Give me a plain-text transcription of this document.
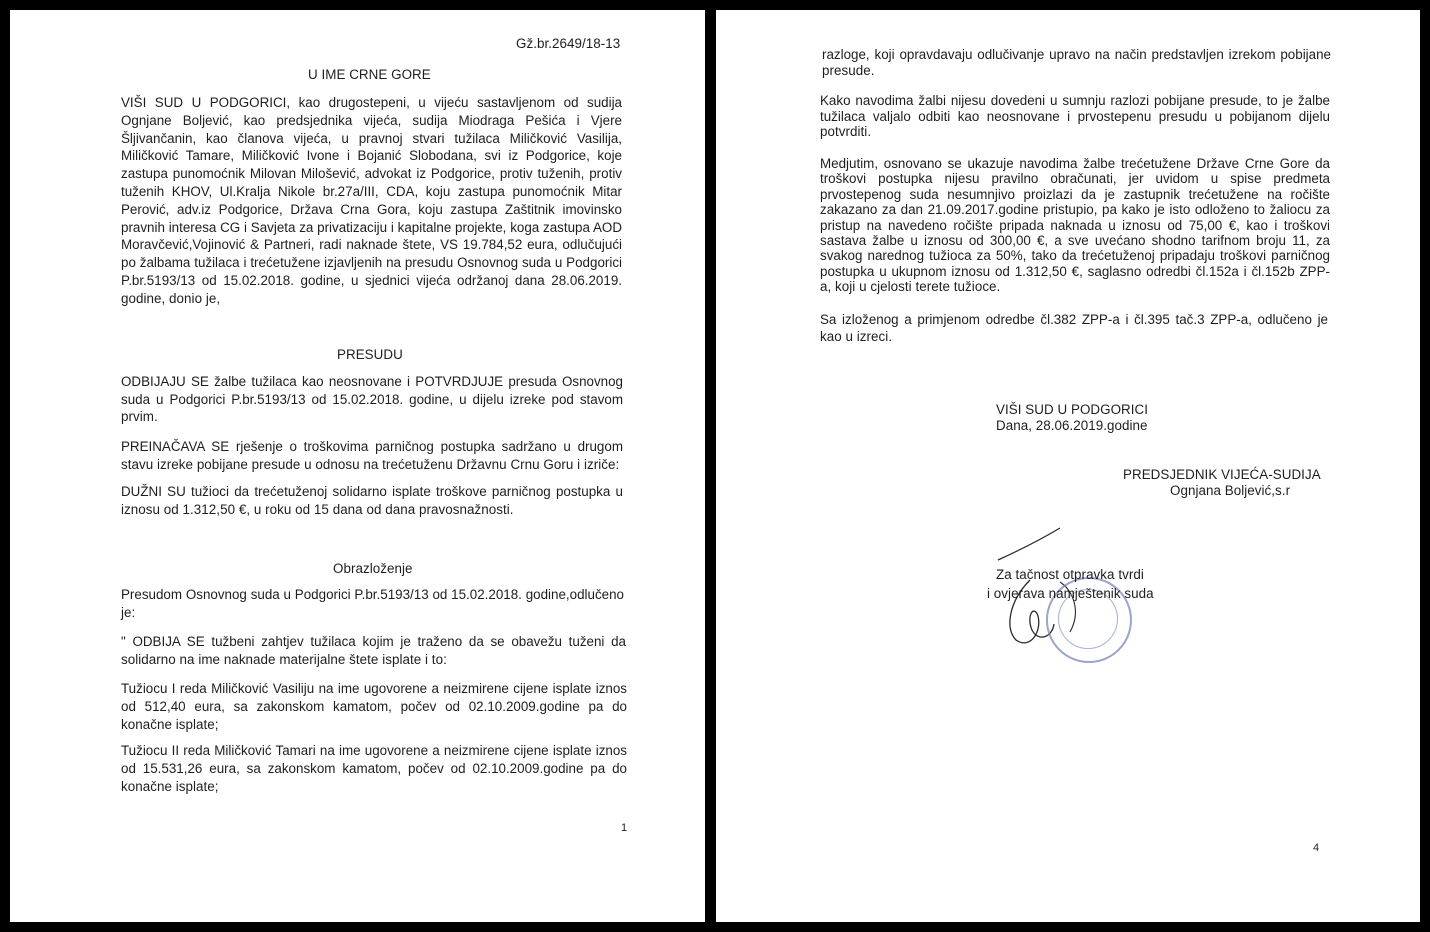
Gž.br.2649/18-13
U IME CRNE GORE
VIŠI SUD U PODGORICI, kao drugostepeni, u vijeću sastavljenom od sudija
Ognjane Boljević, kao predsjednika vijeća, sudija Miodraga Pešića i Vjere
Šljivančanin, kao članova vijeća, u pravnoj stvari tužilaca Miličković Vasilija,
Miličković Tamare, Miličković Ivone i Bojanić Slobodana, svi iz Podgorice, koje
zastupa punomoćnik Milovan Milošević, advokat iz Podgorice, protiv tuženih, protiv
tuženih KHOV, Ul.Kralja Nikole br.27a/III, CDA, koju zastupa punomoćnik Mitar
Perović, adv.iz Podgorice, Država Crna Gora, koju zastupa Zaštitnik imovinsko
pravnih interesa CG i Savjeta za privatizaciju i kapitalne projekte, koga zastupa AOD
Moravčević,Vojinović & Partneri, radi naknade štete, VS 19.784,52 eura, odlučujući
po žalbama tužilaca i trećetužene izjavljenih na presudu Osnovnog suda u Podgorici
P.br.5193/13 od 15.02.2018. godine, u sjednici vijeća održanoj dana 28.06.2019.
godine, donio je,
PRESUDU
ODBIJAJU SE žalbe tužilaca kao neosnovane i POTVRDJUJE presuda Osnovnog
suda u Podgorici P.br.5193/13 od 15.02.2018. godine, u dijelu izreke pod stavom
prvim.
PREINAČAVA SE rješenje o troškovima parničnog postupka sadržano u drugom
stavu izreke pobijane presude u odnosu na trećetuženu Državnu Crnu Goru i izriče:
DUŽNI SU tužioci da trećetuženoj solidarno isplate troškove parničnog postupka u
iznosu od 1.312,50 €, u roku od 15 dana od dana pravosnažnosti.
Obrazloženje
Presudom Osnovnog suda u Podgorici P.br.5193/13 od 15.02.2018. godine,odlučeno
je:
" ODBIJA SE tužbeni zahtjev tužilaca kojim je traženo da se obavežu tuženi da
solidarno na ime naknade materijalne štete isplate i to:
Tužiocu I reda Miličković Vasiliju na ime ugovorene a neizmirene cijene isplate iznos
od 512,40 eura, sa zakonskom kamatom, počev od 02.10.2009.godine pa do
konačne isplate;
Tužiocu II reda Miličković Tamari na ime ugovorene a neizmirene cijene isplate iznos
od 15.531,26 eura, sa zakonskom kamatom, počev od 02.10.2009.godine pa do
konačne isplate;
1
razloge, koji opravdavaju odlučivanje upravo na način predstavljen izrekom pobijane
presude.
Kako navodima žalbi nijesu dovedeni u sumnju razlozi pobijane presude, to je žalbe
tužilaca valjalo odbiti kao neosnovane i prvostepenu presudu u pobijanom dijelu
potvrditi.
Medjutim, osnovano se ukazuje navodima žalbe trećetužene Države Crne Gore da
troškovi postupka nijesu pravilno obračunati, jer uvidom u spise predmeta
prvostepenog suda nesumnjivo proizlazi da je zastupnik trećetužene na ročište
zakazano za dan 21.09.2017.godine pristupio, pa kako je isto odloženo to žaliocu za
pristup na navedeno ročište pripada naknada u iznosu od 75,00 €, kao i troškovi
sastava žalbe u iznosu od 300,00 €, a sve uvećano shodno tarifnom broju 11, za
svakog narednog tužioca za 50%, tako da trećetuženoj pripadaju troškovi parničnog
postupka u ukupnom iznosu od 1.312,50 €, saglasno odredbi čl.152a i čl.152b ZPP-
a, koji u cjelosti terete tužioce.
Sa izloženog a primjenom odredbe čl.382 ZPP-a i čl.395 tač.3 ZPP-a, odlučeno je
kao u izreci.
VIŠI SUD U PODGORICI
Dana, 28.06.2019.godine
PREDSJEDNIK VIJEĆA-SUDIJA
Ognjana Boljević,s.r
Za tačnost otpravka tvrdi
i ovjerava namještenik suda
4
